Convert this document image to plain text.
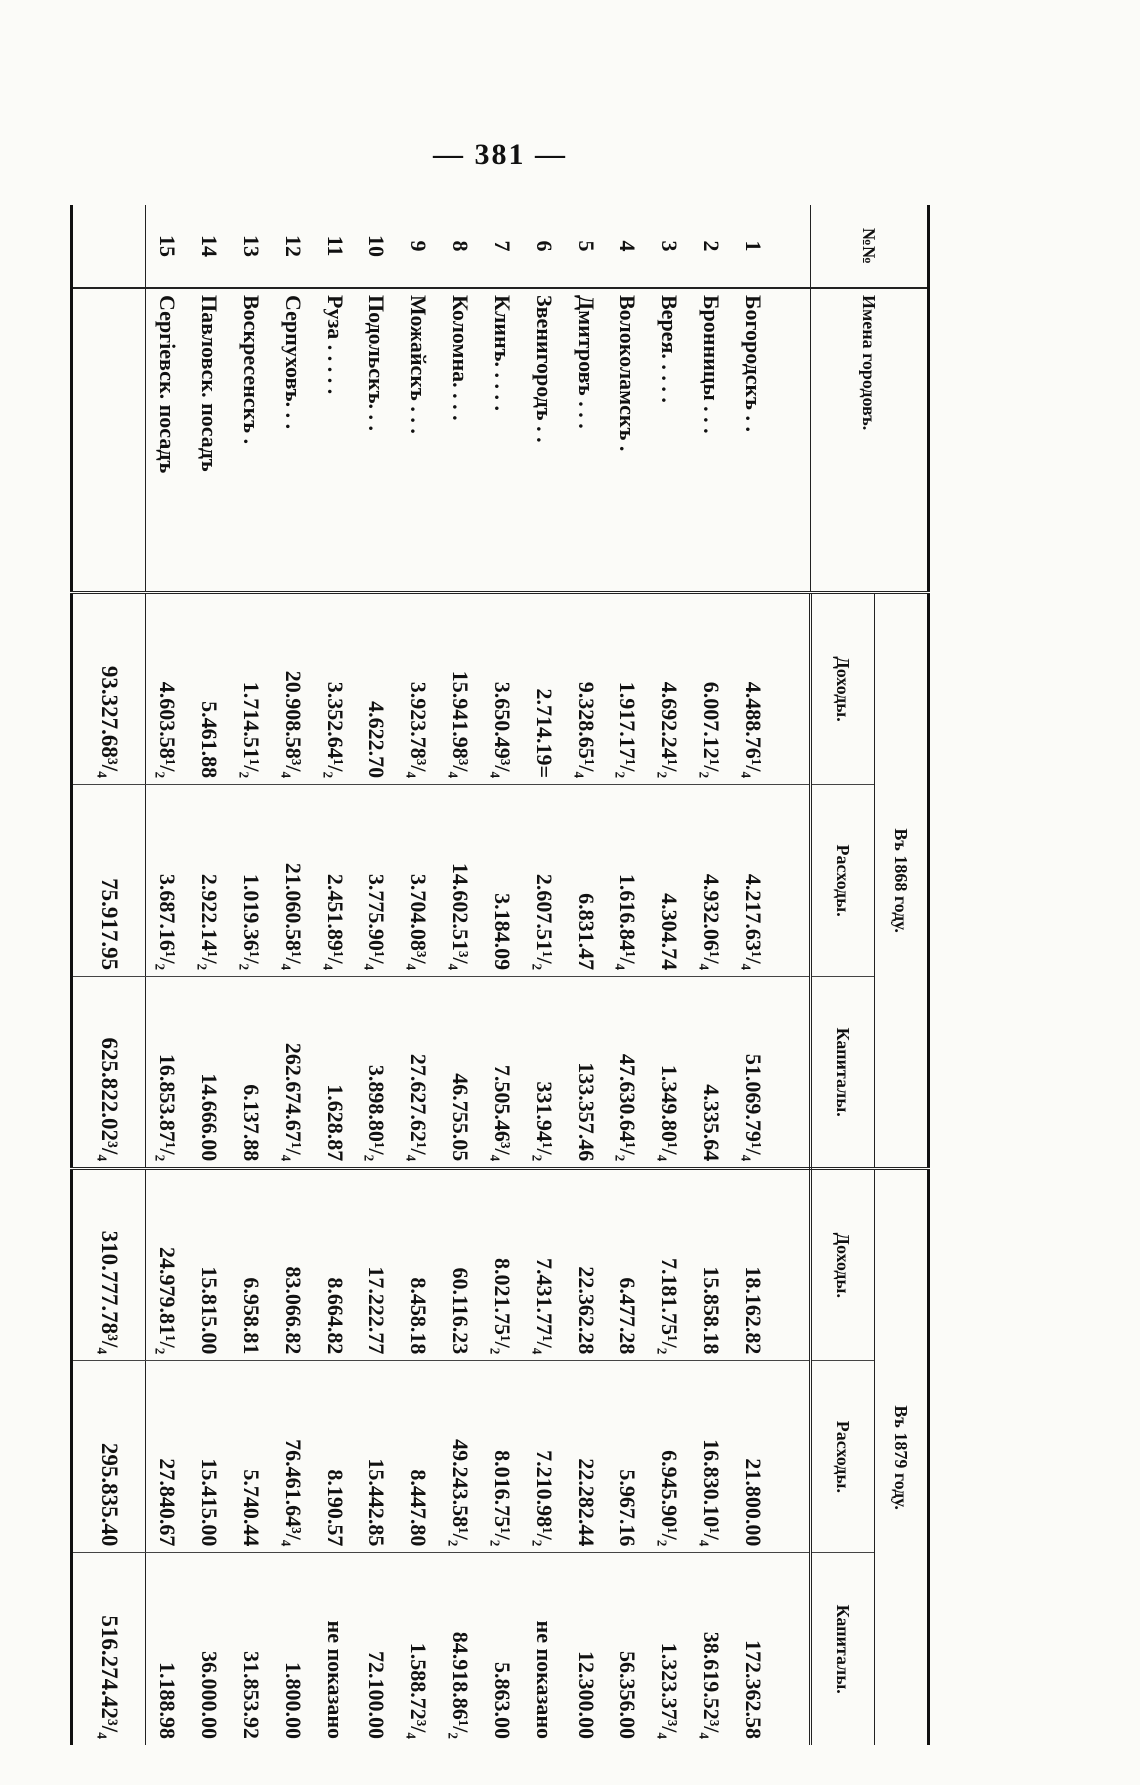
— 381 —
№№	Имена городовъ.	Въ 1868 году.			Въ 1879 году.		
		Доходы.	Расходы.	Капиталы.	Доходы.	Расходы.	Капиталы.

1	Богородскъ . .	4.488.76¹/₄	4.217.63¹/₄	51.069.79¹/₄	18.162.82	21.800.00	172.362.58
2	Бронницы . . .	6.007.12¹/₂	4.932.06¹/₄	4.335.64	15.858.18	16.830.10¹/₄	38.619.52³/₄
3	Верея. . . . .	4.692.24¹/₂	4.304.74	1.349.80¹/₄	7.181.75¹/₂	6.945.90¹/₂	1.323.37³/₄
4	Волоколамскъ .	1.917.17¹/₂	1.616.84¹/₄	47.630.64¹/₂	6.477.28	5.967.16	56.356.00
5	Дмитровъ . . .	9.328.65¹/₄	6.831.47	133.357.46	22.362.28	22.282.44	12.300.00
6	Звенигородъ . .	2.714.19=	2.607.51¹/₂	331.94¹/₂	7.431.77¹/₄	7.210.98¹/₂	не показано
7	Клинъ. . . . .	3.650.49³/₄	3.184.09	7.505.46³/₄	8.021.75¹/₂	8.016.75¹/₂	5.863.00
8	Коломна. . . .	15.941.98³/₄	14.602.51³/₄	46.755.05	60.116.23	49.243.58¹/₂	84.918.86¹/₂
9	Можайскъ . . .	3.923.78³/₄	3.704.08³/₄	27.627.62¹/₄	8.458.18	8.447.80	1.588.72³/₄
10	Подольскъ. . .	4.622.70	3.775.90¹/₄	3.898.80¹/₂	17.222.77	15.442.85	72.100.00
11	Руза . . . . .	3.352.64¹/₂	2.451.89¹/₄	1.628.87	8.664.82	8.190.57	не показано
12	Серпуховъ. . .	20.908.58³/₄	21.060.58¹/₄	262.674.67¹/₄	83.066.82	76.461.64³/₄	1.800.00
13	Воскресенскъ .	1.714.51¹/₂	1.019.36¹/₂	6.137.88	6.958.81	5.740.44	31.853.92
14	Павловск. посадъ	5.461.88	2.922.14¹/₂	14.666.00	15.815.00	15.415.00	36.000.00
15	Сергіевск. посадъ	4.603.58¹/₂	3.687.16¹/₂	16.853.87¹/₂	24.979.81¹/₂	27.840.67	1.188.98
		93.327.68³/₄	75.917.95	625.822.02³/₄	310.777.78³/₄	295.835.40	516.274.42³/₄
